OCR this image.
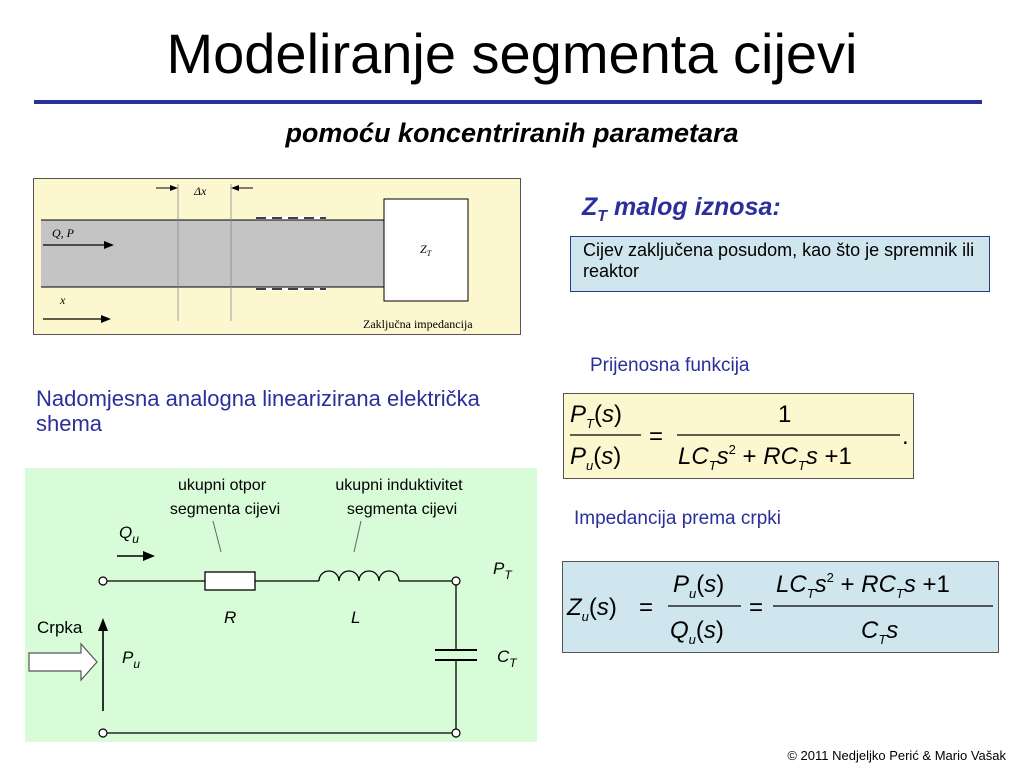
Modeliranje segmenta cijevi
pomoću koncentriranih parametara
Δx
Q, P
x
$Z_T$
Zaključna impedancija
$Z_T$ malog iznosa:
Cijev zaključena posudom, kao što je spremnik ili reaktor
Prijenosna funkcija
$P_T(s)$
$P_u(s)$
=
1
$LC_Ts^2 + RC_Ts +1$
.
Nadomjesna analogna linearizirana električka shema
ukupni otpor
segmenta cijevi
ukupni induktivitet
segmenta cijevi
$Q_u$
$P_u$
Crpka
R	L
$P_T$
$C_T$
Impedancija prema crpki
$Z_u(s)$ =
$P_u(s)$
$Q_u(s)$
=
$LC_Ts^2 + RC_Ts +1$
$C_Ts$
© 2011 Nedjeljko Perić & Mario Vašak
